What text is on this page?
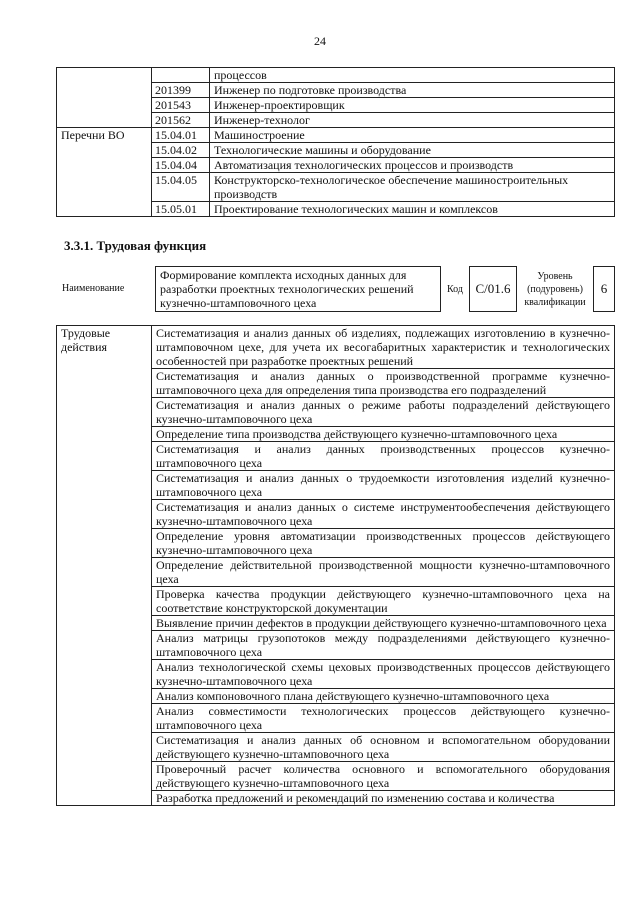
24
		процессов
	201399	Инженер по подготовке производства
	201543	Инженер-проектировщик
	201562	Инженер-технолог
Перечни ВО	15.04.01	Машиностроение
	15.04.02	Технологические машины и оборудование
	15.04.04	Автоматизация технологических процессов и производств
	15.04.05	Конструкторско-технологическое обеспечение машиностроительных производств
	15.05.01	Проектирование технологических машин и комплексов
3.3.1. Трудовая функция
Наименование
Формирование комплекта исходных данных для разработки проектных технологических решений кузнечно-штамповочного цеха
Код C/01.6
Уровень (подуровень) квалификации
6
Трудовые действия	Систематизация и анализ данных об изделиях, подлежащих изготовлению в кузнечно-штамповочном цехе, для учета их весогабаритных характеристик и технологических особенностей при разработке проектных решений
Систематизация и анализ данных о производственной программе кузнечно-штамповочного цеха для определения типа производства его подразделений
Систематизация и анализ данных о режиме работы подразделений действующего кузнечно-штамповочного цеха
Определение типа производства действующего кузнечно-штамповочного цеха
Систематизация и анализ данных производственных процессов кузнечно-штамповочного цеха
Систематизация и анализ данных о трудоемкости изготовления изделий кузнечно-штамповочного цеха
Систематизация и анализ данных о системе инструментообеспечения действующего кузнечно-штамповочного цеха
Определение уровня автоматизации производственных процессов действующего кузнечно-штамповочного цеха
Определение действительной производственной мощности кузнечно-штамповочного цеха
Проверка качества продукции действующего кузнечно-штамповочного цеха на соответствие конструкторской документации
Выявление причин дефектов в продукции действующего кузнечно-штамповочного цеха
Анализ матрицы грузопотоков между подразделениями действующего кузнечно-штамповочного цеха
Анализ технологической схемы цеховых производственных процессов действующего кузнечно-штамповочного цеха
Анализ компоновочного плана действующего кузнечно-штамповочного цеха
Анализ совместимости технологических процессов действующего кузнечно-штамповочного цеха
Систематизация и анализ данных об основном и вспомогательном оборудовании действующего кузнечно-штамповочного цеха
Проверочный расчет количества основного и вспомогательного оборудования действующего кузнечно-штамповочного цеха
Разработка предложений и рекомендаций по изменению состава и количества
